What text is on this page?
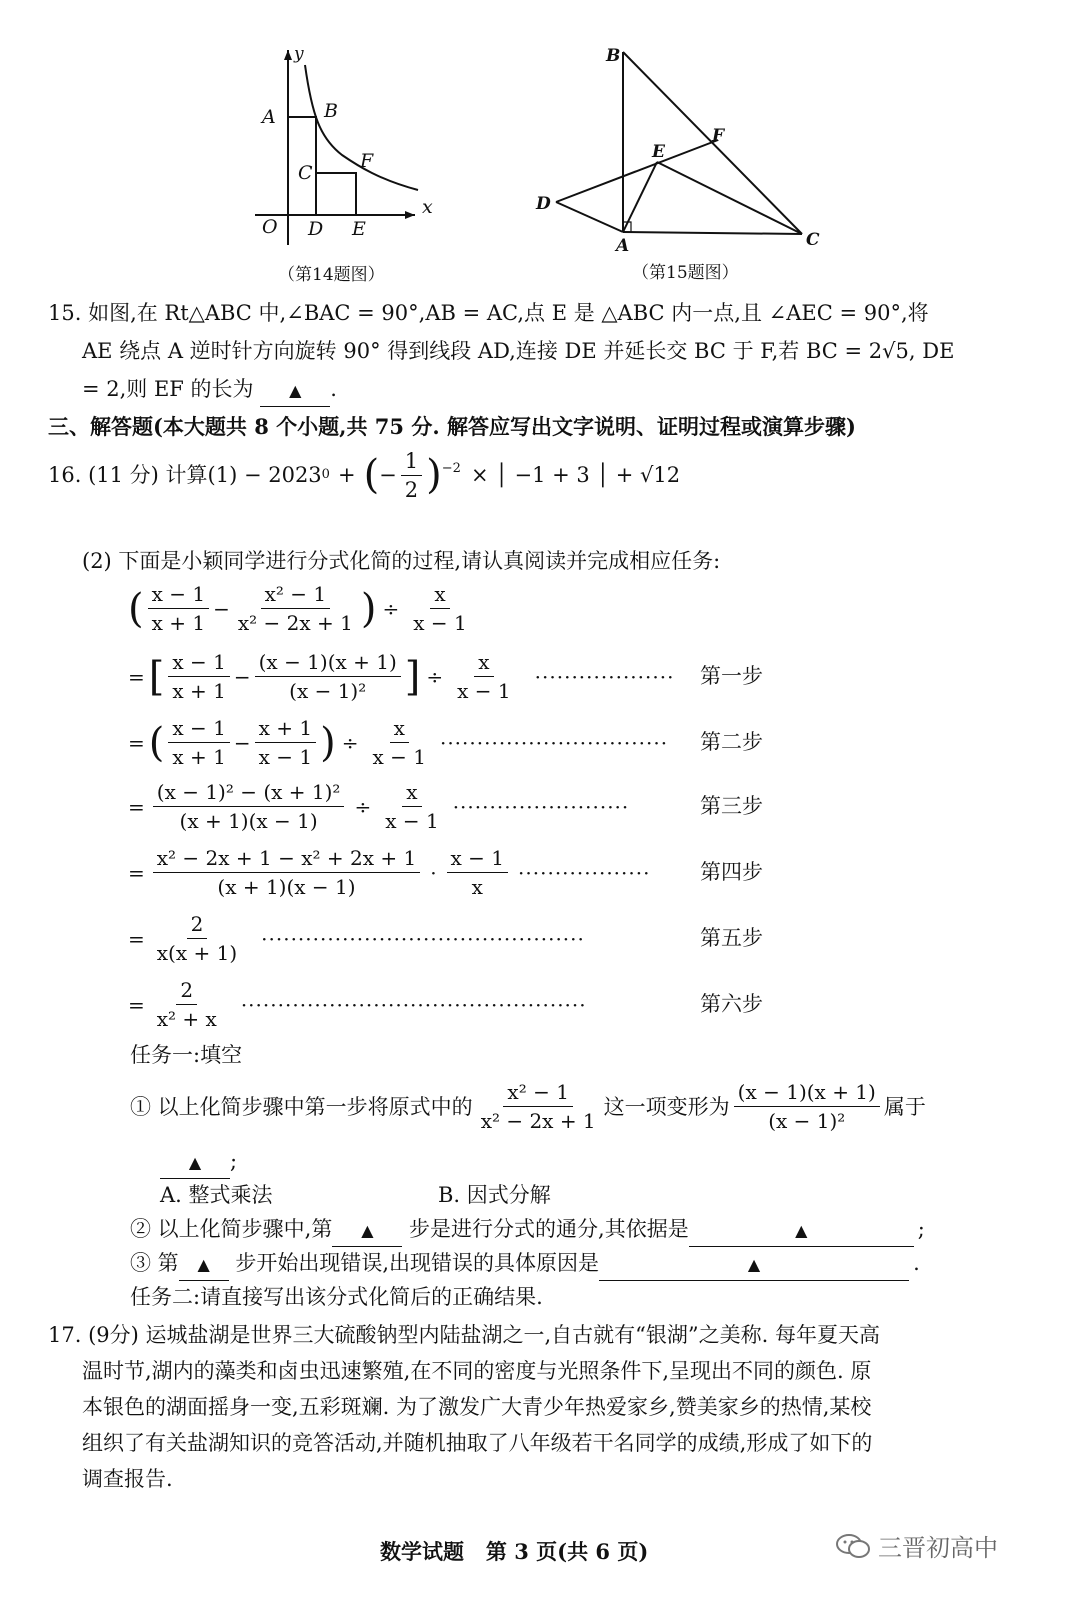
y
x
O
A	B
C
F
D E
（第14题图）
B
F
E
D
A	C
（第15题图）
15. 如图,在 Rt△ABC 中,∠BAC = 90°,AB = AC,点 E 是 △ABC 内一点,且 ∠AEC = 90°,将
AE 绕点 A 逆时针方向旋转 90° 得到线段 AD,连接 DE 并延长交 BC 于 F,若 BC = 2√5, DE
= 2,则 EF 的长为 ▲ .
三、解答题(本大题共 8 个小题,共 75 分. 解答应写出文字说明、证明过程或演算步骤)
16. (11 分) 计算(1) − 2023 0 + ( − $\frac{1}{2} )^{-2}$ × │ −1 + 3 │ + √12
(2) 下面是小颖同学进行分式化简的过程,请认真阅读并完成相应任务:
( $\frac{x - 1}{x + 1} - \frac{\text{x² − 1}}{\text{x² − 2x + 1}}$ ) ÷ $\frac{x}{x - 1}$
= [ $\frac{x - 1}{x + 1} - \frac{(x - 1)(x + 1)}{\text{(x − 1)²}}$ ] ÷ $\frac{x}{x - 1}$ ··················· 第一步
= ( $\frac{x - 1}{x + 1} - \frac{x + 1}{x - 1}$ ) ÷ $\frac{x}{x - 1}$ ······························· 第二步
= $\frac{\text{(x − 1)² − (x + 1)²}}{(x + 1)(x - 1)} \div \frac{x}{x - 1}$ ························	第三步
= $\frac{\text{x² − 2x + 1 − x² + 2x + 1}}{(x + 1)(x - 1)} \cdot \frac{x - 1}{x}$ ·················· 第四步
= $\frac{2}{x(x + 1)}$ ············································	第五步
= $\frac{2}{\text{x² + x}}$ ···············································	第六步
任务一:填空
① 以上化简步骤中第一步将原式中的 $\frac{\text{x² − 1}}{\text{x² − 2x + 1}}$ 这一项变形为 $\frac{(x - 1)(x + 1)}{\text{(x − 1)²}}$ 属于
▲ ;
A. 整式乘法	B. 因式分解
② 以上化简步骤中,第 ▲ 步是进行分式的通分,其依据是	▲	;
③ 第 ▲ 步开始出现错误,出现错误的具体原因是	▲	.
任务二:请直接写出该分式化简后的正确结果.
17. (9分) 运城盐湖是世界三大硫酸钠型内陆盐湖之一,自古就有“银湖”之美称. 每年夏天高
温时节,湖内的藻类和卤虫迅速繁殖,在不同的密度与光照条件下,呈现出不同的颜色. 原
本银色的湖面摇身一变,五彩斑斓. 为了激发广大青少年热爱家乡,赞美家乡的热情,某校
组织了有关盐湖知识的竞答活动,并随机抽取了八年级若干名同学的成绩,形成了如下的
调查报告.
数学试题   第 3 页(共 6 页)	三晋初高中
